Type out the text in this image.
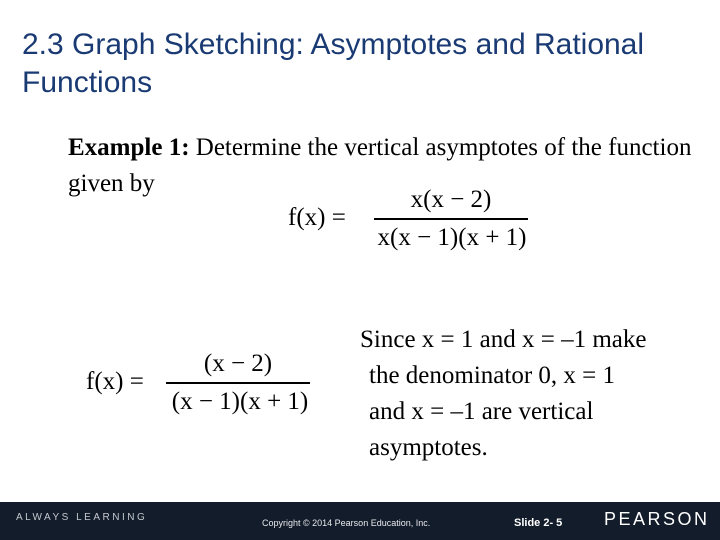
2.3 Graph Sketching: Asymptotes and Rational Functions
Example 1: Determine the vertical asymptotes of the function given by
f(x) =
x(x − 2)
x(x − 1)(x + 1)
f(x) =
(x − 2)
(x − 1)(x + 1)
Since x = 1 and x = –1 make
the denominator 0, x = 1
and x = –1 are vertical
asymptotes.
ALWAYS LEARNING	Copyright © 2014 Pearson Education, Inc.	Slide 2- 5 PEARSON
